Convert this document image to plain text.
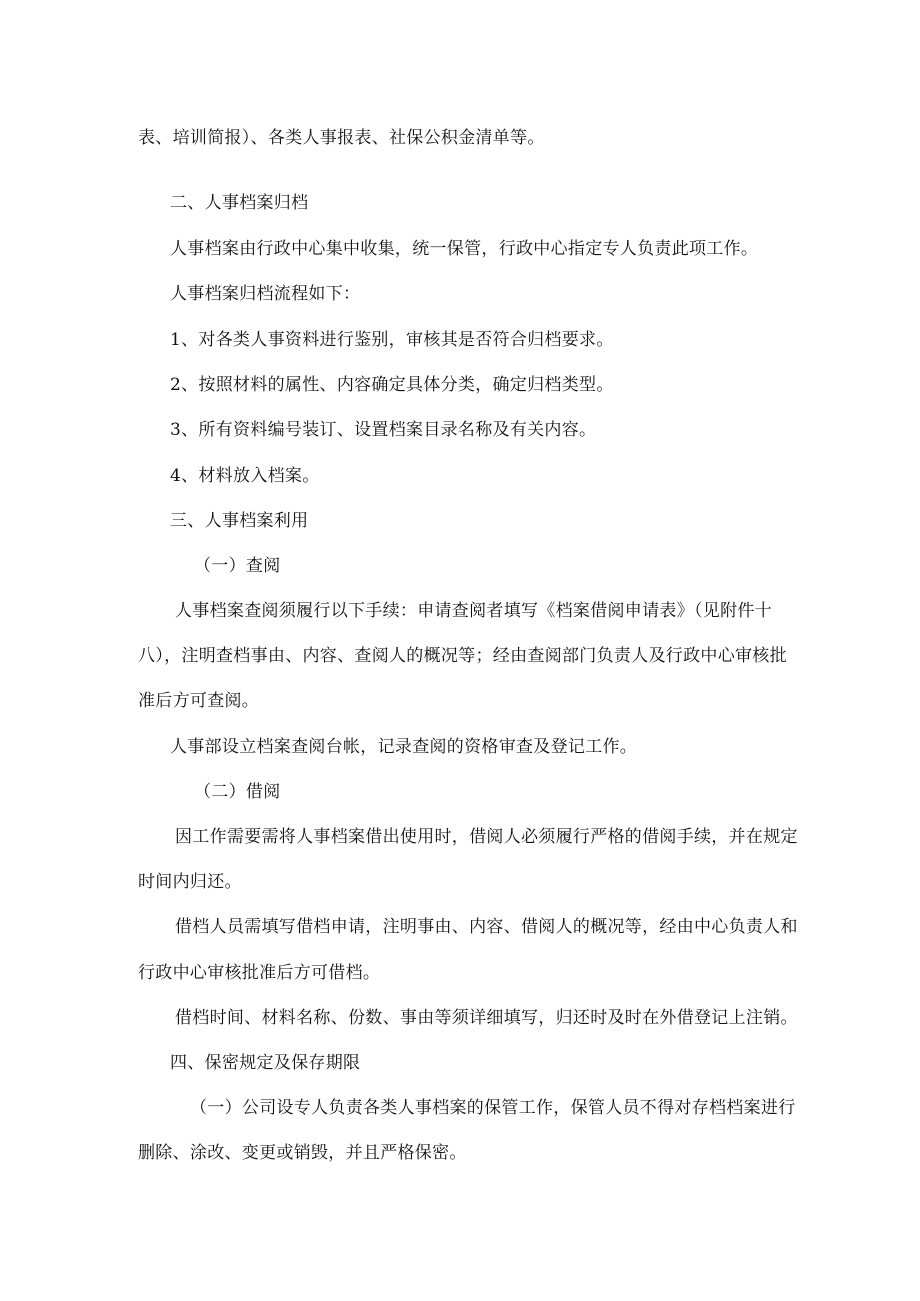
表、培训简报）、各类人事报表、社保公积金清单等。
二、人事档案归档
人事档案由行政中心集中收集，统一保管，行政中心指定专人负责此项工作。
人事档案归档流程如下：
1、对各类人事资料进行鉴别，审核其是否符合归档要求。
2、按照材料的属性、内容确定具体分类，确定归档类型。
3、所有资料编号装订、设置档案目录名称及有关内容。
4、材料放入档案。
三、人事档案利用
（一）查阅
人事档案查阅须履行以下手续：申请查阅者填写《档案借阅申请表》（见附件十
八），注明查档事由、内容、查阅人的概况等；经由查阅部门负责人及行政中心审核批
准后方可查阅。
人事部设立档案查阅台帐，记录查阅的资格审查及登记工作。
（二）借阅
因工作需要需将人事档案借出使用时，借阅人必须履行严格的借阅手续，并在规定
时间内归还。
借档人员需填写借档申请，注明事由、内容、借阅人的概况等，经由中心负责人和
行政中心审核批准后方可借档。
借档时间、材料名称、份数、事由等须详细填写，归还时及时在外借登记上注销。
四、保密规定及保存期限
（一）公司设专人负责各类人事档案的保管工作，保管人员不得对存档档案进行
删除、涂改、变更或销毁，并且严格保密。
